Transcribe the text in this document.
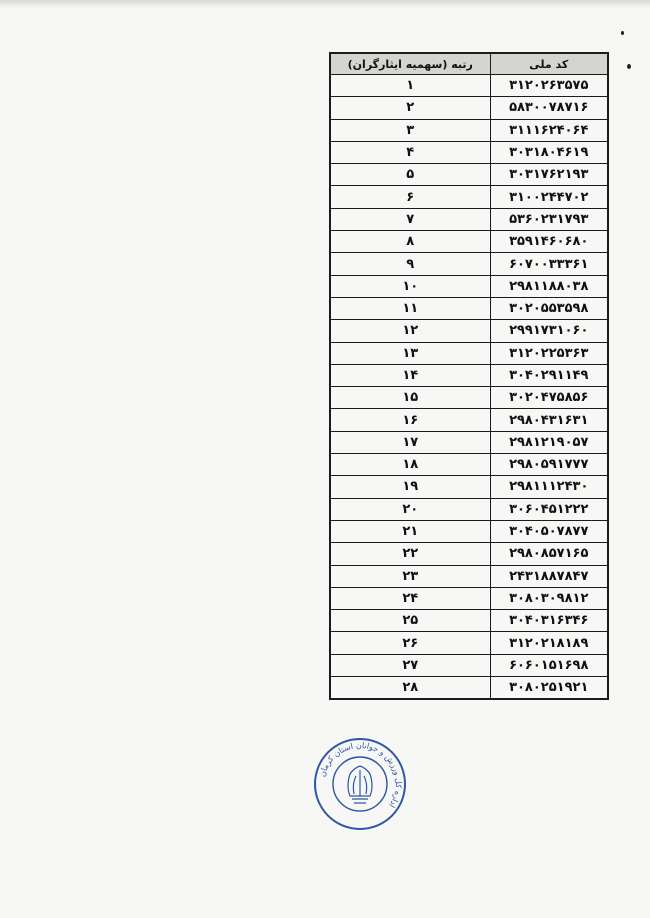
کد ملی	رتبه (سهمیه ایثارگران)
۳۱۲۰۲۶۳۵۷۵	۱
۵۸۳۰۰۷۸۷۱۶	۲
۳۱۱۱۶۲۴۰۶۴	۳
۳۰۳۱۸۰۴۶۱۹	۴
۳۰۳۱۷۶۲۱۹۳	۵
۳۱۰۰۲۴۴۷۰۲	۶
۵۳۶۰۲۳۱۷۹۳	۷
۳۵۹۱۴۶۰۶۸۰	۸
۶۰۷۰۰۳۳۳۶۱	۹
۲۹۸۱۱۸۸۰۳۸	۱۰
۳۰۲۰۵۵۳۵۹۸	۱۱
۲۹۹۱۷۳۱۰۶۰	۱۲
۳۱۲۰۲۲۵۳۶۳	۱۳
۳۰۴۰۲۹۱۱۴۹	۱۴
۳۰۲۰۴۷۵۸۵۶	۱۵
۲۹۸۰۴۳۱۶۳۱	۱۶
۲۹۸۱۲۱۹۰۵۷	۱۷
۲۹۸۰۵۹۱۷۷۷	۱۸
۲۹۸۱۱۱۲۴۳۰	۱۹
۳۰۶۰۴۵۱۲۲۲	۲۰
۳۰۴۰۵۰۷۸۷۷	۲۱
۲۹۸۰۸۵۷۱۶۵	۲۲
۲۴۳۱۸۸۷۸۴۷	۲۳
۳۰۸۰۳۰۹۸۱۲	۲۴
۳۰۴۰۳۱۶۳۴۶	۲۵
۳۱۲۰۲۱۸۱۸۹	۲۶
۶۰۶۰۱۵۱۶۹۸	۲۷
۳۰۸۰۲۵۱۹۲۱	۲۸
اداره کل ورزش و جوانان استان کرمان
